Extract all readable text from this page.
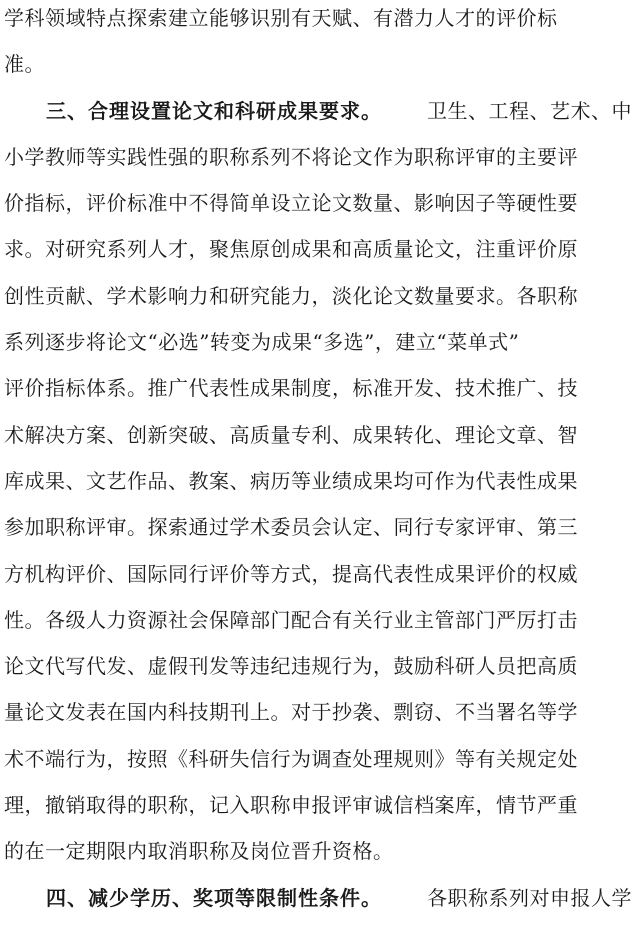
学科领域特点探索建立能够识别有天赋、有潜力人才的评价标
准。
三、合理设置论文和科研成果要求。 卫生、工程、艺术、中
小学教师等实践性强的职称系列不将论文作为职称评审的主要评
价指标，评价标准中不得简单设立论文数量、影响因子等硬性要
求。对研究系列人才，聚焦原创成果和高质量论文，注重评价原
创性贡献、学术影响力和研究能力，淡化论文数量要求。各职称
系列逐步将论文“必选”转变为成果“多选”，建立“菜单式”
评价指标体系。推广代表性成果制度，标准开发、技术推广、技
术解决方案、创新突破、高质量专利、成果转化、理论文章、智
库成果、文艺作品、教案、病历等业绩成果均可作为代表性成果
参加职称评审。探索通过学术委员会认定、同行专家评审、第三
方机构评价、国际同行评价等方式，提高代表性成果评价的权威
性。各级人力资源社会保障部门配合有关行业主管部门严厉打击
论文代写代发、虚假刊发等违纪违规行为，鼓励科研人员把高质
量论文发表在国内科技期刊上。对于抄袭、剽窃、不当署名等学
术不端行为，按照《科研失信行为调查处理规则》等有关规定处
理，撤销取得的职称，记入职称申报评审诚信档案库，情节严重
的在一定期限内取消职称及岗位晋升资格。
四、减少学历、奖项等限制性条件。 各职称系列对申报人学
